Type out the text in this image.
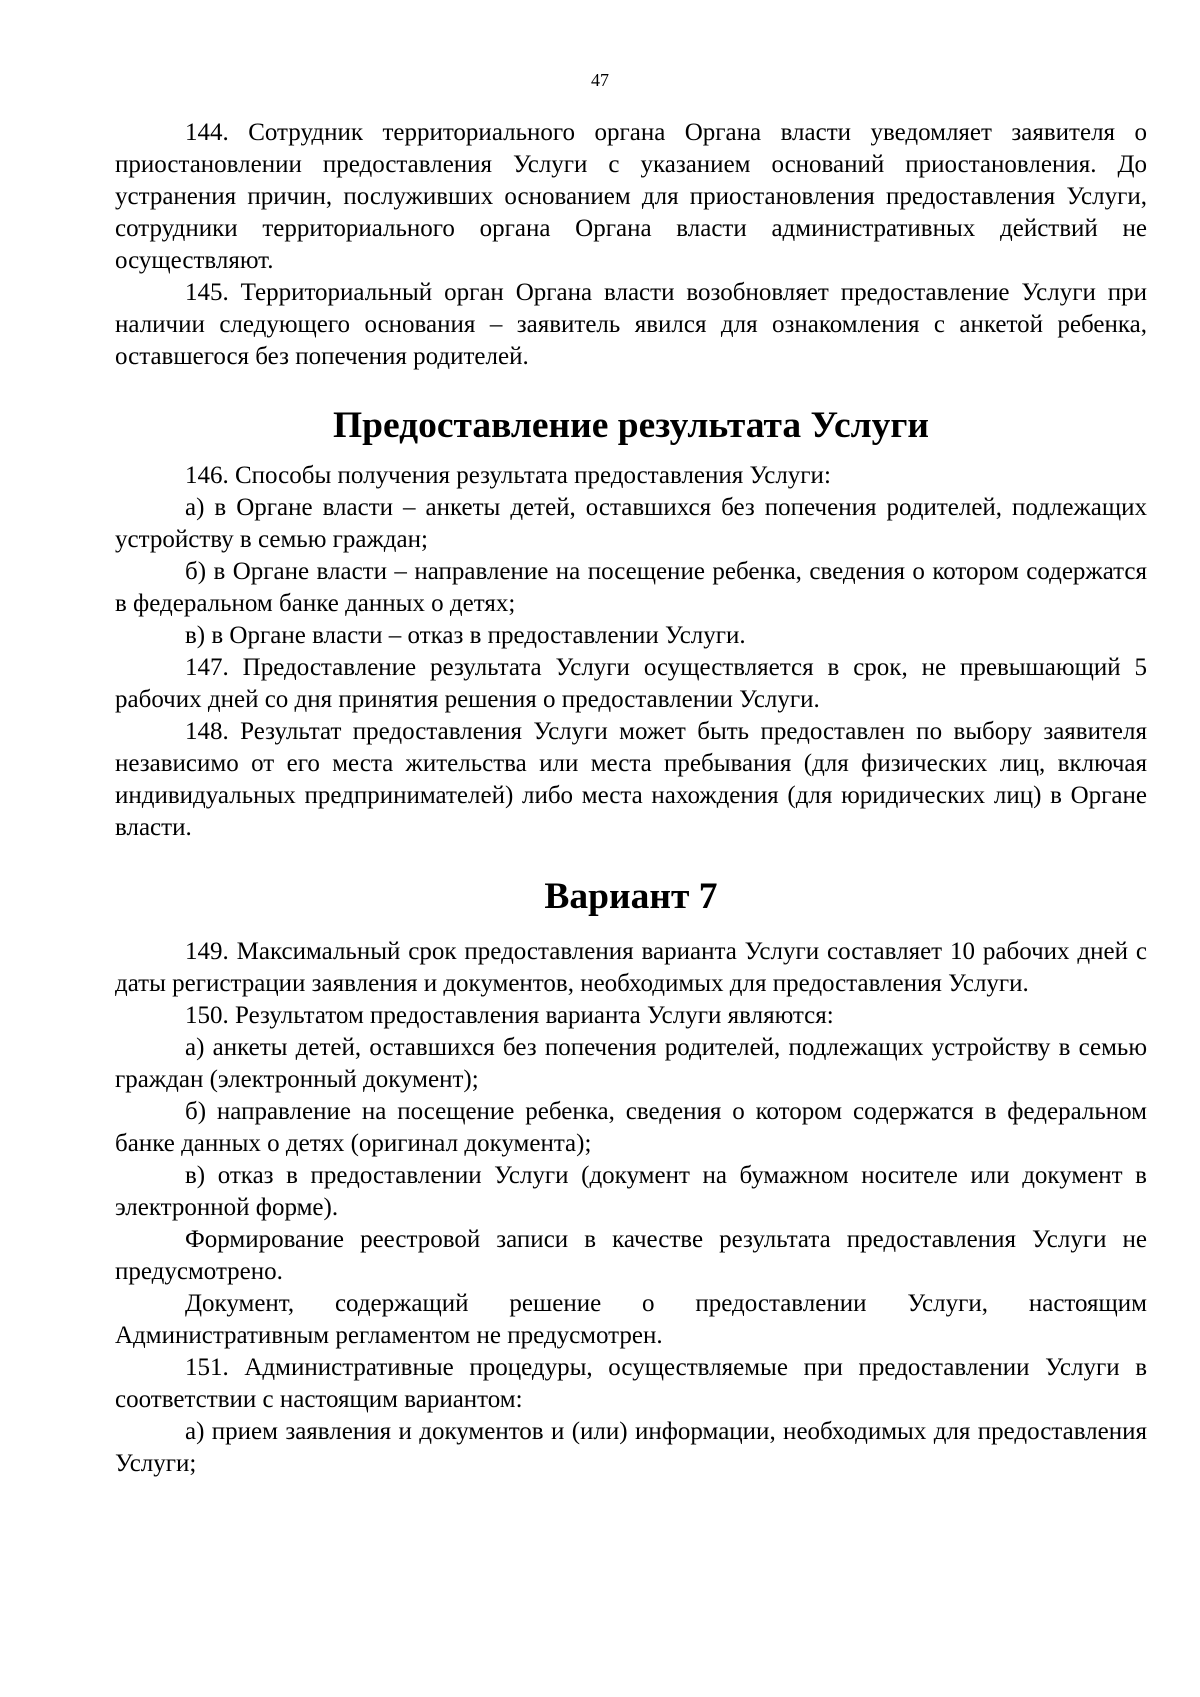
47

144. Сотрудник территориального органа Органа власти уведомляет заявителя о приостановлении предоставления Услуги с указанием оснований приостановления. До устранения причин, послуживших основанием для приостановления предоставления Услуги, сотрудники территориального органа Органа власти административных действий не осуществляют.

145. Территориальный орган Органа власти возобновляет предоставление Услуги при наличии следующего основания – заявитель явился для ознакомления с анкетой ребенка, оставшегося без попечения родителей.

Предоставление результата Услуги

146. Способы получения результата предоставления Услуги:

а) в Органе власти – анкеты детей, оставшихся без попечения родителей, подлежащих устройству в семью граждан;

б) в Органе власти – направление на посещение ребенка, сведения о котором содержатся в федеральном банке данных о детях;

в) в Органе власти – отказ в предоставлении Услуги.

147. Предоставление результата Услуги осуществляется в срок, не превышающий 5 рабочих дней со дня принятия решения о предоставлении Услуги.

148. Результат предоставления Услуги может быть предоставлен по выбору заявителя независимо от его места жительства или места пребывания (для физических лиц, включая индивидуальных предпринимателей) либо места нахождения (для юридических лиц) в Органе власти.

Вариант 7

149. Максимальный срок предоставления варианта Услуги составляет 10 рабочих дней с даты регистрации заявления и документов, необходимых для предоставления Услуги.

150. Результатом предоставления варианта Услуги являются:

а) анкеты детей, оставшихся без попечения родителей, подлежащих устройству в семью граждан (электронный документ);

б) направление на посещение ребенка, сведения о котором содержатся в федеральном банке данных о детях (оригинал документа);

в) отказ в предоставлении Услуги (документ на бумажном носителе или документ в электронной форме).

Формирование реестровой записи в качестве результата предоставления Услуги не предусмотрено.

Документ, содержащий решение о предоставлении Услуги, настоящим Административным регламентом не предусмотрен.

151. Административные процедуры, осуществляемые при предоставлении Услуги в соответствии с настоящим вариантом:

а) прием заявления и документов и (или) информации, необходимых для предоставления Услуги;
